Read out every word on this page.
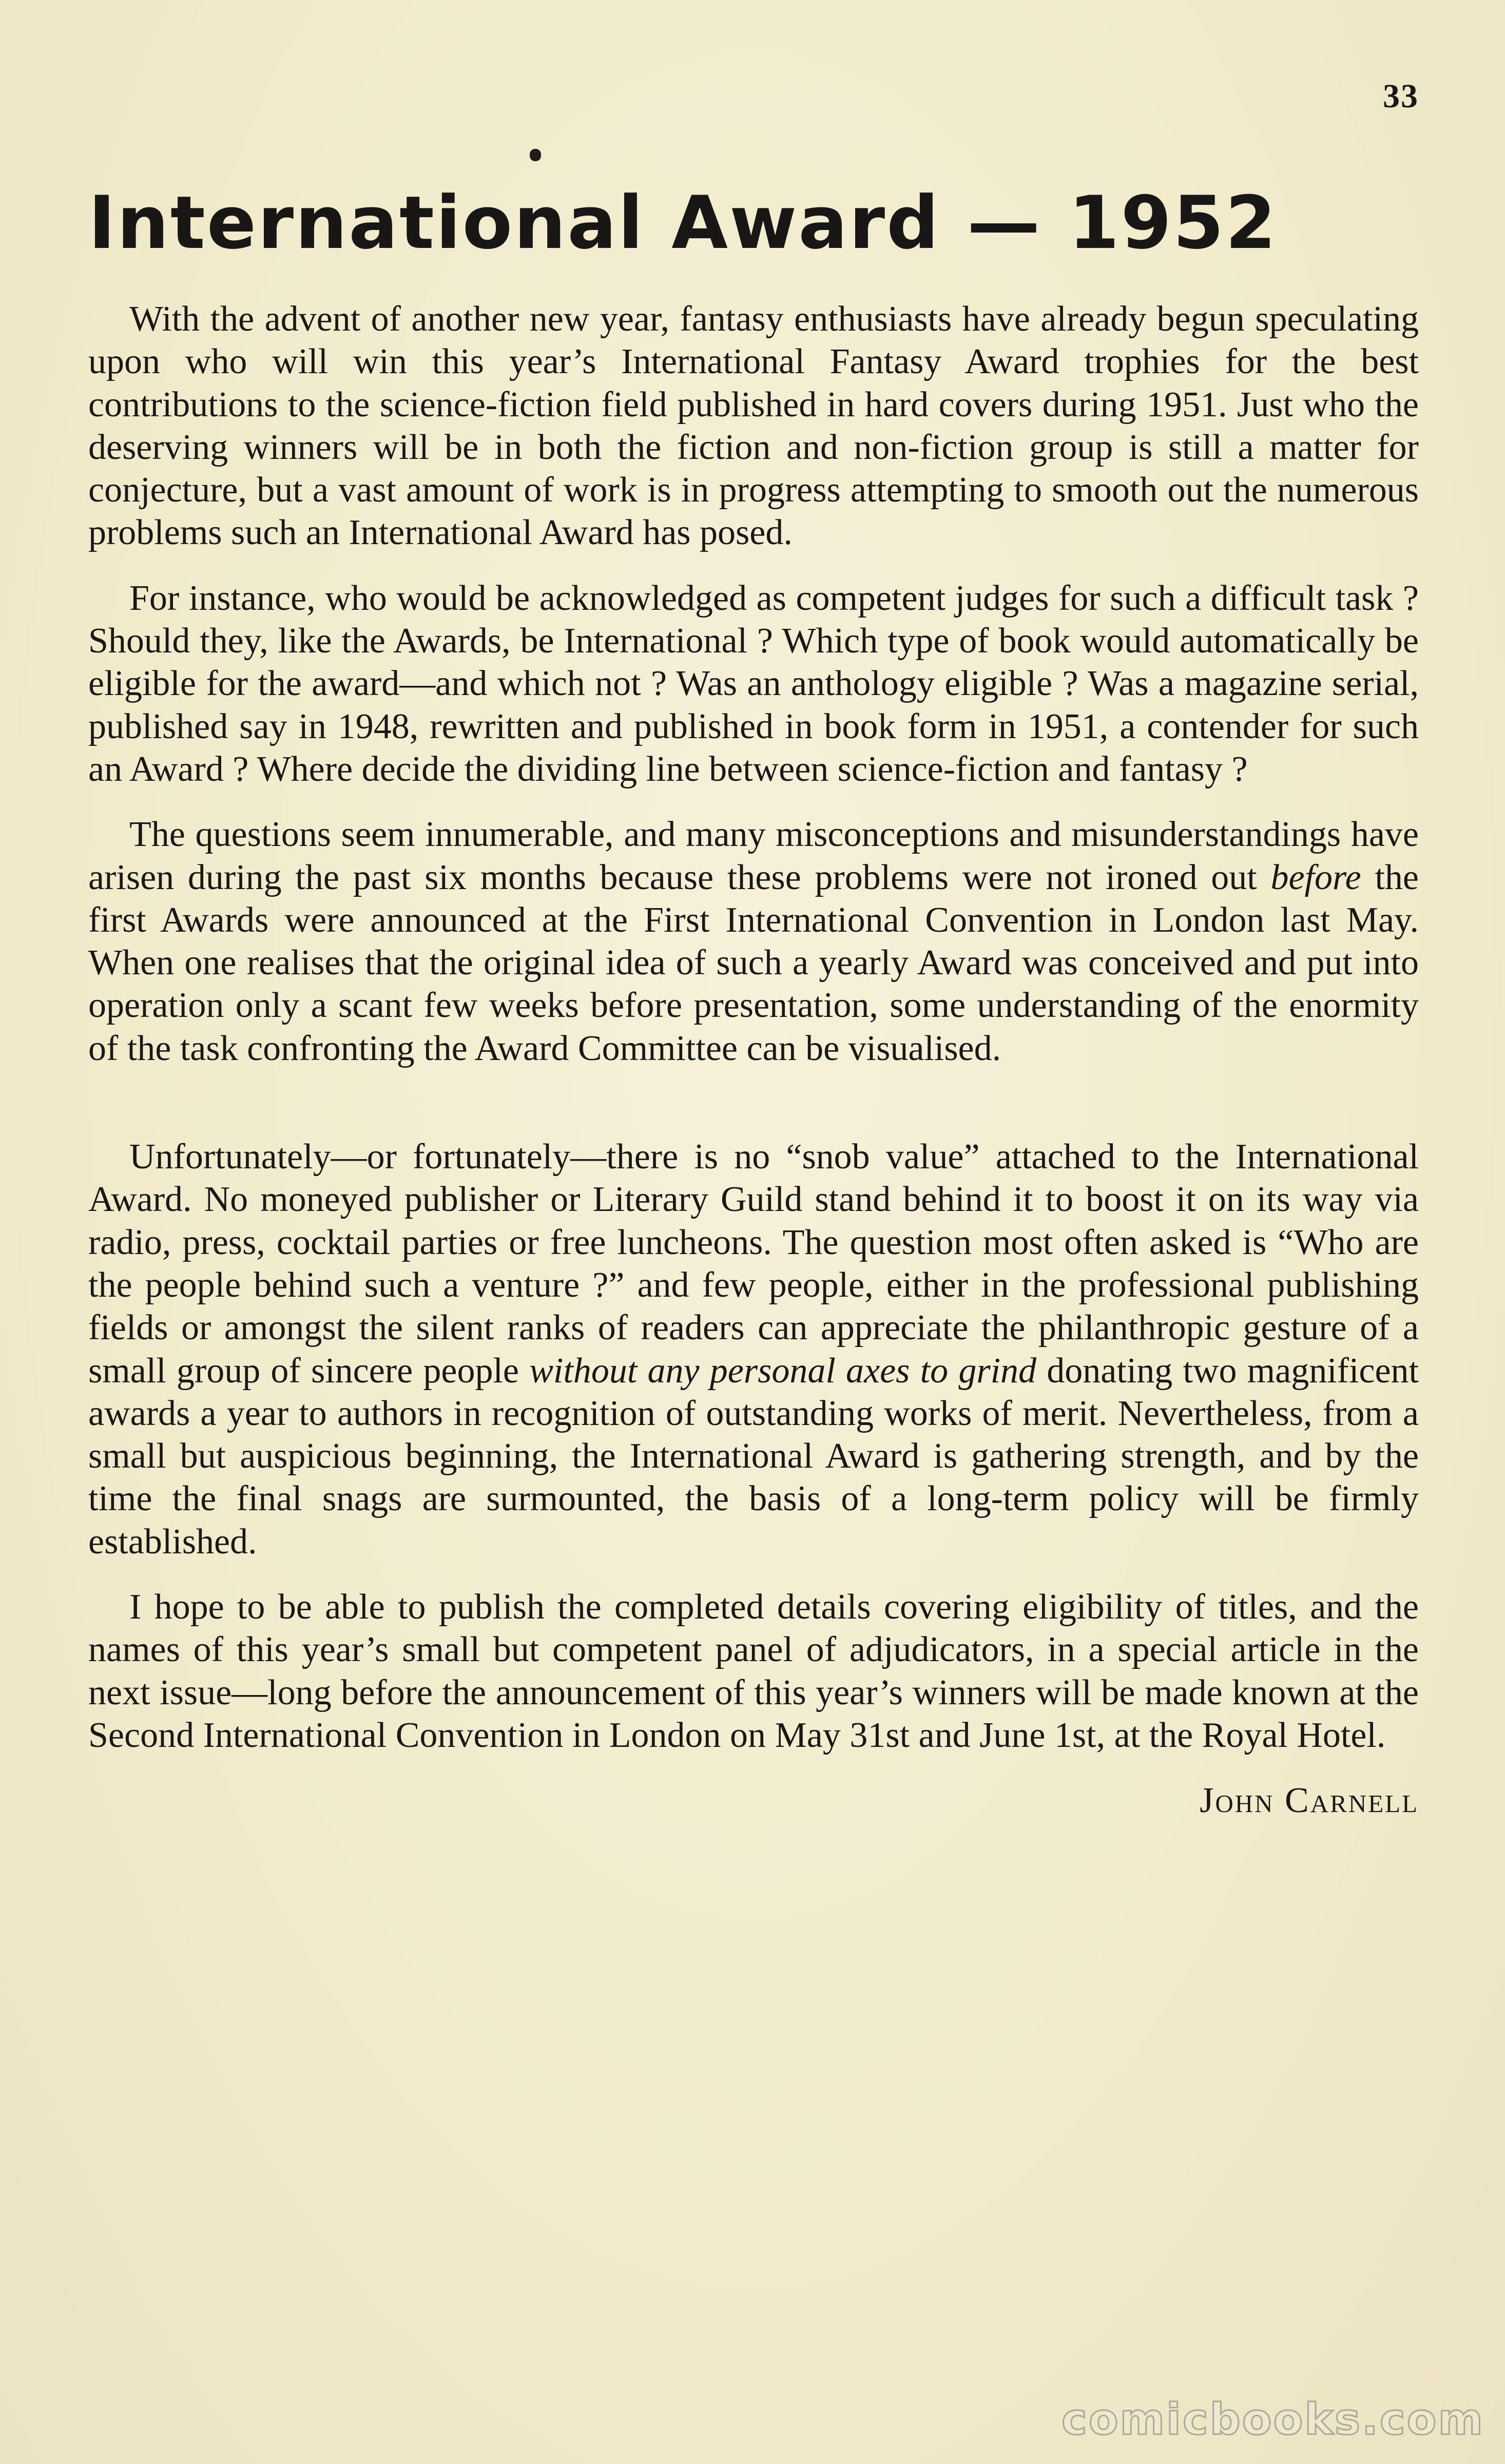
33
International Award — 1952

With the advent of another new year, fantasy enthusiasts have already begun speculating upon who will win this year’s International Fantasy Award trophies for the best contributions to the science-fiction field published in hard covers during 1951. Just who the deserving winners will be in both the fiction and non-fiction group is still a matter for conjecture, but a vast amount of work is in progress attempting to smooth out the numerous problems such an International Award has posed.

For instance, who would be acknowledged as competent judges for such a difficult task ? Should they, like the Awards, be International ? Which type of book would automatically be eligible for the award—and which not ? Was an anthology eligible ? Was a magazine serial, published say in 1948, rewritten and published in book form in 1951, a contender for such an Award ? Where decide the dividing line between science-fiction and fantasy ?

The questions seem innumerable, and many misconceptions and misunderstandings have arisen during the past six months because these problems were not ironed out before the first Awards were announced at the First International Convention in London last May. When one realises that the original idea of such a yearly Award was conceived and put into operation only a scant few weeks before presentation, some understanding of the enormity of the task confronting the Award Committee can be visualised.

Unfortunately—or fortunately—there is no “snob value” attached to the International Award. No moneyed publisher or Literary Guild stand behind it to boost it on its way via radio, press, cocktail parties or free luncheons. The question most often asked is “Who are the people behind such a venture ?” and few people, either in the professional publishing fields or amongst the silent ranks of readers can appreciate the philanthropic gesture of a small group of sincere people without any personal axes to grind donating two magnificent awards a year to authors in recognition of outstanding works of merit. Nevertheless, from a small but auspicious beginning, the International Award is gathering strength, and by the time the final snags are surmounted, the basis of a long-term policy will be firmly established.

I hope to be able to publish the completed details covering eligibility of titles, and the names of this year’s small but competent panel of adjudicators, in a special article in the next issue—long before the announcement of this year’s winners will be made known at the Second International Convention in London on May 31st and June 1st, at the Royal Hotel.

John Carnell
comicbooks.com
